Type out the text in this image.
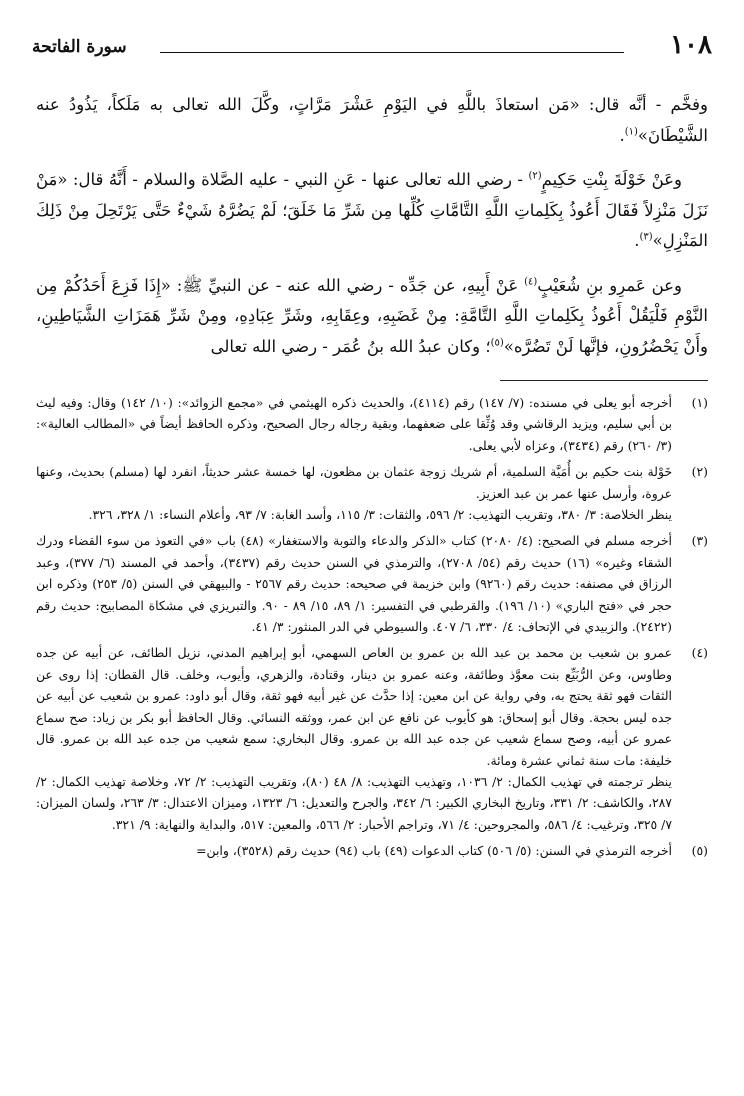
١٠٨
سورة الفاتحة

وفخَّم - أنَّه قال: «مَن استعاذَ باللَّهِ في اليَوْمِ عَشْرَ مَرَّاتٍ، وكَّلَ الله تعالى به مَلَكاً، يَذُودُ عنه الشَّيْطَانَ»$^{(١)}$.

وعَنْ خَوْلَةَ بِنْتِ حَكِيمٍ$^{(٢)}$ - رضي الله تعالى عنها - عَنِ النبي - عليه الصَّلاة والسلام - أَنَّهُ قال: «مَنْ نَزَلَ مَنْزِلاً فَقَالَ أَعُوذُ بِكَلِماتِ اللَّهِ التَّامَّاتِ كُلِّها مِن شَرِّ مَا خَلَقَ؛ لَمْ يَضُرَّهُ شَيْءٌ حَتَّى يَرْتَحِلَ مِنْ ذَلِكَ المَنْزِلِ»$^{(٣)}$.

وعن عَمرِو بنِ شُعَيْبٍ$^{(٤)}$ عَنْ أَبِيهِ، عن جَدِّه - رضي الله عنه - عن النبيِّ ﷺ: «إِذَا فَزِعَ أَحَدُكُمْ مِن النَّوْمِ فَلْيَقُلْ أَعُوذُ بِكَلِماتِ اللَّهِ التَّامَّةِ: مِنْ غَضَبِهِ، وعِقَابِهِ، وشَرِّ عِبَادِهِ، ومِنْ شَرِّ هَمَزَاتِ الشَّيَاطِينِ، وأَنْ يَحْضُرُونِ، فإنَّها لَنْ تَضُرَّه»$^{(٥)}$؛ وكان عبدُ الله بنُ عُمَر - رضي الله تعالى

(١)

أخرجه أبو يعلى في مسنده: (٧/ ١٤٧) رقم (٤١١٤)، والحديث ذكره الهيثمي في «مجمع الزوائد»: (١٠/ ١٤٢) وقال: وفيه ليث بن أبي سليم، ويزيد الرقاشي وقد وُثِّقا على ضعفهما، وبقية رجاله رجال الصحيح، وذكره الحافظ أيضاً في «المطالب العالية»: (٣/ ٢٦٠) رقم (٣٤٣٤)، وعزاه لأبي يعلى.

(٢)

خَوْلة بنت حكيم بن أُمَيَّة السلمية، أم شريك زوجة عثمان بن مظعون، لها خمسة عشر حديثاً، انفرد لها (مسلم) بحديث، وعنها عروة، وأرسل عنها عمر بن عبد العزيز.

ينظر الخلاصة: ٣/ ٣٨٠، وتقريب التهذيب: ٢/ ٥٩٦، والثقات: ٣/ ١١٥، وأسد الغابة: ٧/ ٩٣، وأعلام النساء: ١/ ٣٢٨، ٣٢٦.

(٣)

أخرجه مسلم في الصحيح: (٤/ ٢٠٨٠) كتاب «الذكر والدعاء والتوبة والاستغفار» (٤٨) باب «في التعوذ من سوء القضاء ودرك الشقاء وغيره» (١٦) حديث رقم (٥٤/ ٢٧٠٨)، والترمذي في السنن حديث رقم (٣٤٣٧)، وأحمد في المسند (٦/ ٣٧٧)، وعبد الرزاق في مصنفه: حديث رقم (٩٢٦٠) وابن خزيمة في صحيحه: حديث رقم ٢٥٦٧ - والبيهقي في السنن (٥/ ٢٥٣) وذكره ابن حجر في «فتح الباري» (١٠/ ١٩٦). والقرطبي في التفسير: ١/ ٨٩، ١٥/ ٨٩ - ٩٠. والتبريزي في مشكاة المصابيح: حديث رقم (٢٤٢٢). والزبيدي في الإتحاف: ٤/ ٣٣٠، ٦/ ٤٠٧. والسيوطي في الدر المنثور: ٣/ ٤١.

(٤)

عمرو بن شعيب بن محمد بن عبد الله بن عمرو بن العاص السهمي، أبو إبراهيم المدني، نزيل الطائف، عن أبيه عن جده وطاوس، وعن الرُّبَيِّع بنت معوَّذ وطائفة، وعنه عمرو بن دينار، وقتادة، والزهري، وأيوب، وخلف. قال القطان: إذا روى عن الثقات فهو ثقة يحتج به، وفي رواية عن ابن معين: إذا حدَّث عن غير أبيه فهو ثقة، وقال أبو داود: عمرو بن شعيب عن أبيه عن جده ليس بحجة. وقال أبو إسحاق: هو كأيوب عن نافع عن ابن عمر، ووثقه النسائي. وقال الحافظ أبو بكر بن زياد: صح سماع عمرو عن أبيه، وصح سماع شعيب عن جده عبد الله بن عمرو. وقال البخاري: سمع شعيب من جده عبد الله بن عمرو. قال خليفة: مات سنة ثماني عشرة ومائة.

ينظر ترجمته في تهذيب الكمال: ٢/ ١٠٣٦، وتهذيب التهذيب: ٨/ ٤٨ (٨٠)، وتقريب التهذيب: ٢/ ٧٢، وخلاصة تهذيب الكمال: ٢/ ٢٨٧، والكاشف: ٢/ ٣٣١، وتاريخ البخاري الكبير: ٦/ ٣٤٢، والجرح والتعديل: ٦/ ١٣٢٣، وميزان الاعتدال: ٣/ ٢٦٣، ولسان الميزان: ٧/ ٣٢٥، وترغيب: ٤/ ٥٨٦، والمجروحين: ٤/ ٧١، وتراجم الأحبار: ٢/ ٥٦٦، والمعين: ٥١٧، والبداية والنهاية: ٩/ ٣٢١.

(٥)

أخرجه الترمذي في السنن: (٥/ ٥٠٦) كتاب الدعوات (٤٩) باب (٩٤) حديث رقم (٣٥٢٨)، وابن=
